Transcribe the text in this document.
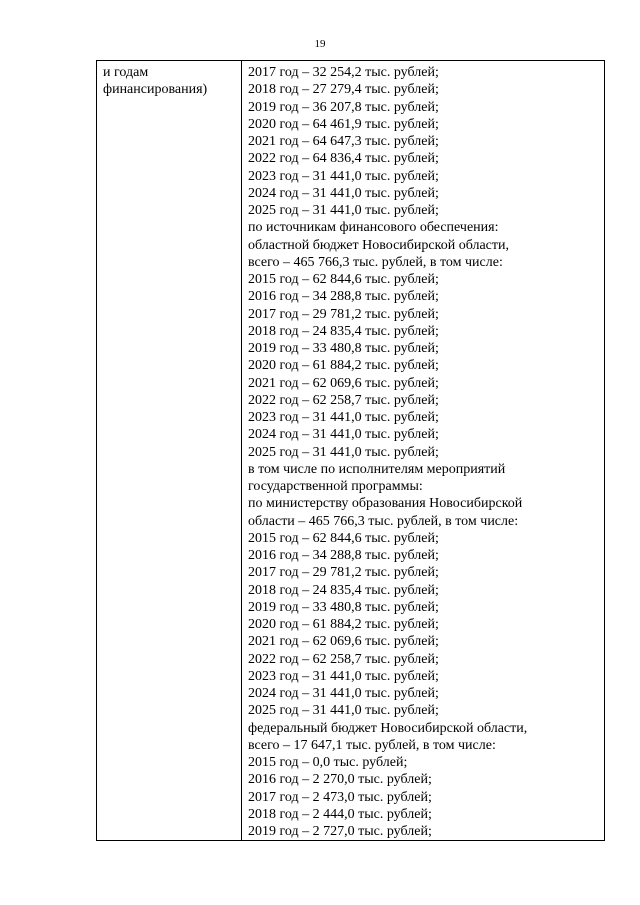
19
и годам
финансирования)
2017 год – 32 254,2 тыс. рублей;
2018 год – 27 279,4 тыс. рублей;
2019 год – 36 207,8 тыс. рублей;
2020 год – 64 461,9 тыс. рублей;
2021 год – 64 647,3 тыс. рублей;
2022 год – 64 836,4 тыс. рублей;
2023 год – 31 441,0 тыс. рублей;
2024 год – 31 441,0 тыс. рублей;
2025 год – 31 441,0 тыс. рублей;
по источникам финансового обеспечения:
областной бюджет Новосибирской области,
всего – 465 766,3 тыс. рублей, в том числе:
2015 год – 62 844,6 тыс. рублей;
2016 год – 34 288,8 тыс. рублей;
2017 год – 29 781,2 тыс. рублей;
2018 год – 24 835,4 тыс. рублей;
2019 год – 33 480,8 тыс. рублей;
2020 год – 61 884,2 тыс. рублей;
2021 год – 62 069,6 тыс. рублей;
2022 год – 62 258,7 тыс. рублей;
2023 год – 31 441,0 тыс. рублей;
2024 год – 31 441,0 тыс. рублей;
2025 год – 31 441,0 тыс. рублей;
в том числе по исполнителям мероприятий
государственной программы:
по министерству образования Новосибирской
области – 465 766,3 тыс. рублей, в том числе:
2015 год – 62 844,6 тыс. рублей;
2016 год – 34 288,8 тыс. рублей;
2017 год – 29 781,2 тыс. рублей;
2018 год – 24 835,4 тыс. рублей;
2019 год – 33 480,8 тыс. рублей;
2020 год – 61 884,2 тыс. рублей;
2021 год – 62 069,6 тыс. рублей;
2022 год – 62 258,7 тыс. рублей;
2023 год – 31 441,0 тыс. рублей;
2024 год – 31 441,0 тыс. рублей;
2025 год – 31 441,0 тыс. рублей;
федеральный бюджет Новосибирской области,
всего – 17 647,1 тыс. рублей, в том числе:
2015 год – 0,0 тыс. рублей;
2016 год – 2 270,0 тыс. рублей;
2017 год – 2 473,0 тыс. рублей;
2018 год – 2 444,0 тыс. рублей;
2019 год – 2 727,0 тыс. рублей;
